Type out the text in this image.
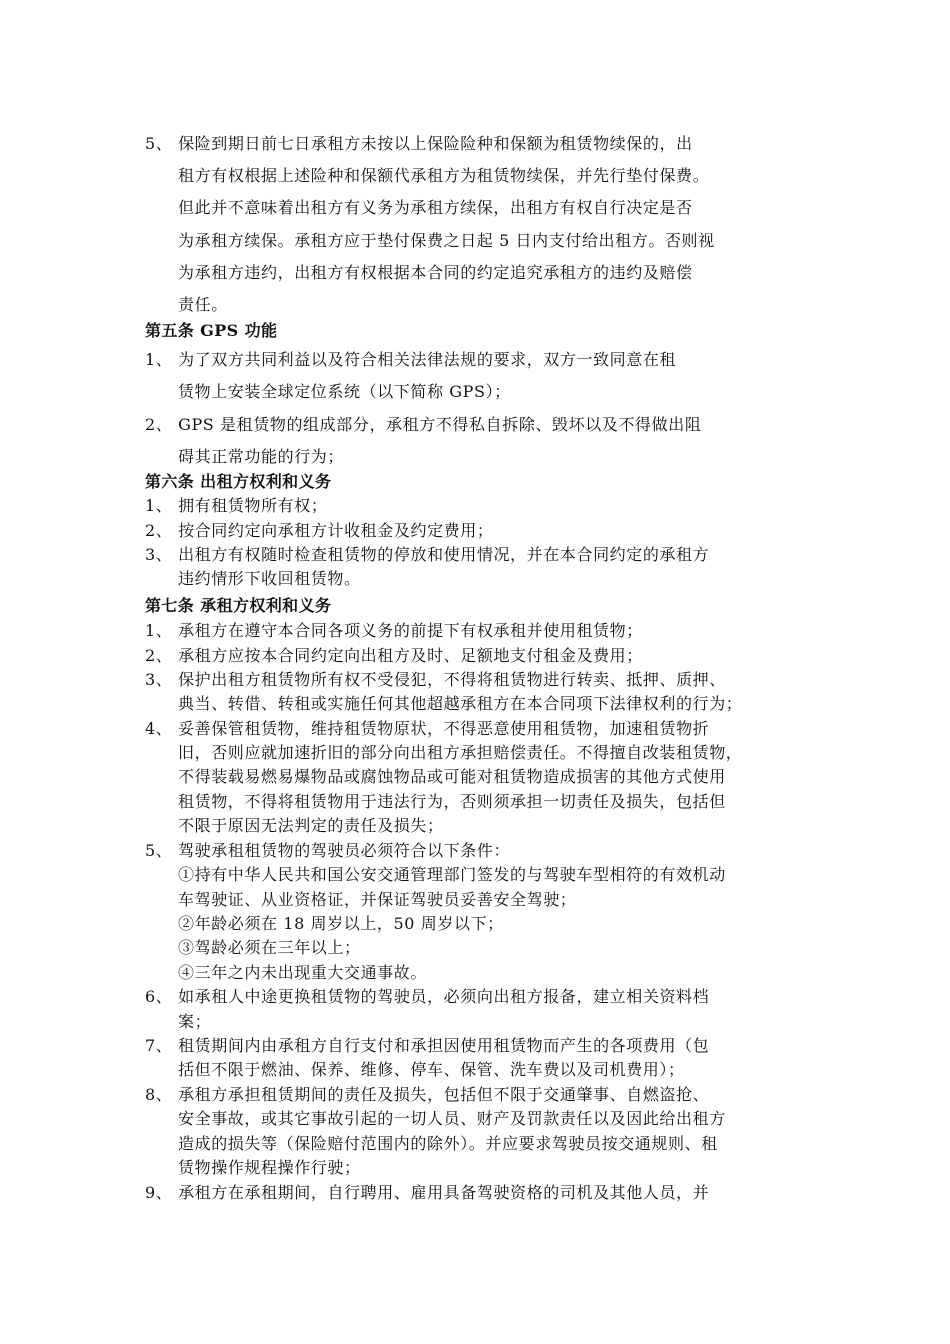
5、 保险到期日前七日承租方未按以上保险险种和保额为租赁物续保的，出
租方有权根据上述险种和保额代承租方为租赁物续保，并先行垫付保费。
但此并不意味着出租方有义务为承租方续保，出租方有权自行决定是否
为承租方续保。承租方应于垫付保费之日起 5 日内支付给出租方。否则视
为承租方违约，出租方有权根据本合同的约定追究承租方的违约及赔偿
责任。
第五条 GPS 功能
1、 为了双方共同利益以及符合相关法律法规的要求，双方一致同意在租
赁物上安装全球定位系统（以下简称 GPS）；
2、 GPS 是租赁物的组成部分，承租方不得私自拆除、毁坏以及不得做出阻
碍其正常功能的行为；
第六条 出租方权利和义务
1、 拥有租赁物所有权；
2、 按合同约定向承租方计收租金及约定费用；
3、 出租方有权随时检查租赁物的停放和使用情况，并在本合同约定的承租方
违约情形下收回租赁物。
第七条 承租方权利和义务
1、 承租方在遵守本合同各项义务的前提下有权承租并使用租赁物；
2、 承租方应按本合同约定向出租方及时、足额地支付租金及费用；
3、 保护出租方租赁物所有权不受侵犯，不得将租赁物进行转卖、抵押、质押、
典当、转借、转租或实施任何其他超越承租方在本合同项下法律权利的行为；
4、 妥善保管租赁物，维持租赁物原状，不得恶意使用租赁物，加速租赁物折
旧，否则应就加速折旧的部分向出租方承担赔偿责任。不得擅自改装租赁物，
不得装载易燃易爆物品或腐蚀物品或可能对租赁物造成损害的其他方式使用
租赁物，不得将租赁物用于违法行为，否则须承担一切责任及损失，包括但
不限于原因无法判定的责任及损失；
5、 驾驶承租租赁物的驾驶员必须符合以下条件：
①持有中华人民共和国公安交通管理部门签发的与驾驶车型相符的有效机动
车驾驶证、从业资格证，并保证驾驶员妥善安全驾驶；
②年龄必须在 18 周岁以上，50 周岁以下；
③驾龄必须在三年以上；
④三年之内未出现重大交通事故。
6、 如承租人中途更换租赁物的驾驶员，必须向出租方报备，建立相关资料档
案；
7、 租赁期间内由承租方自行支付和承担因使用租赁物而产生的各项费用（包
括但不限于燃油、保养、维修、停车、保管、洗车费以及司机费用）；
8、 承租方承担租赁期间的责任及损失，包括但不限于交通肇事、自燃盗抢、
安全事故，或其它事故引起的一切人员、财产及罚款责任以及因此给出租方
造成的损失等（保险赔付范围内的除外）。并应要求驾驶员按交通规则、租
赁物操作规程操作行驶；
9、 承租方在承租期间，自行聘用、雇用具备驾驶资格的司机及其他人员，并
